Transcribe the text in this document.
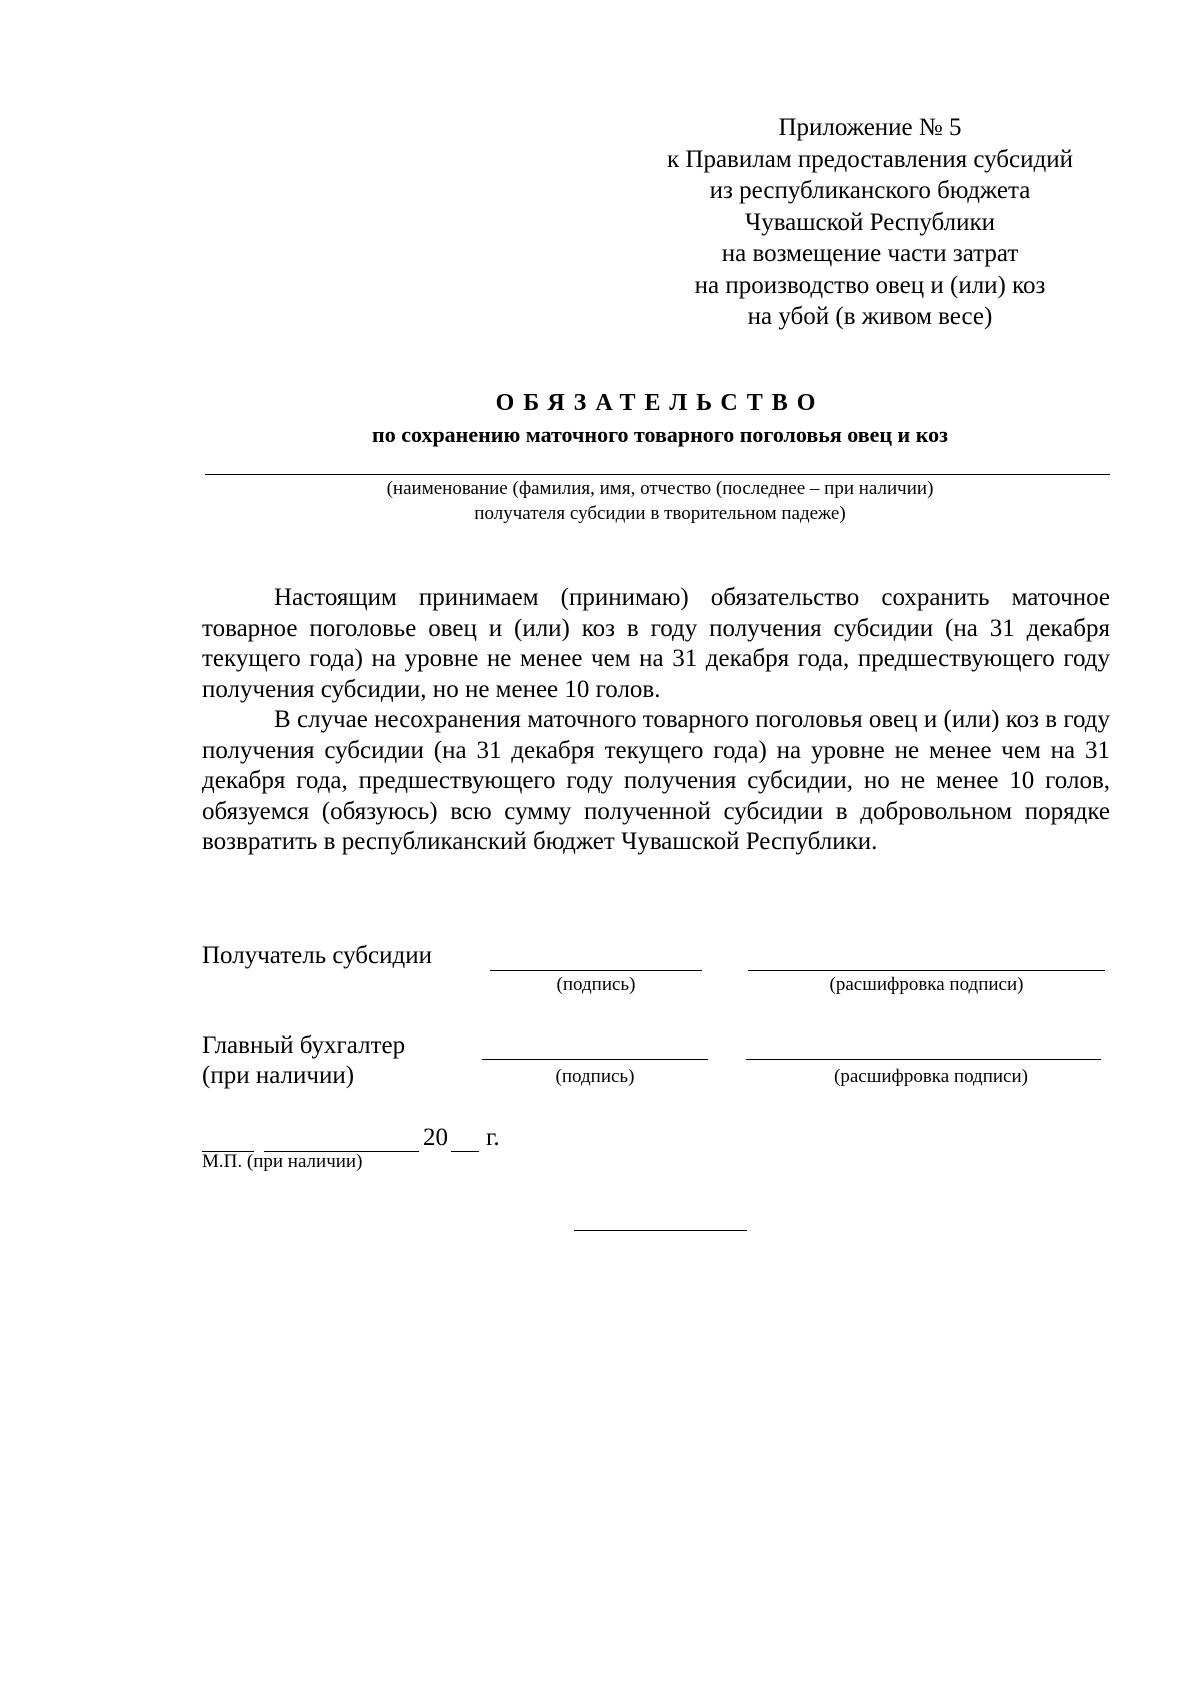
Приложение № 5
к Правилам предоставления субсидий
из республиканского бюджета
Чувашской Республики
на возмещение части затрат
на производство овец и (или) коз
на убой (в живом весе)
ОБЯЗАТЕЛЬСТВО
по сохранению маточного товарного поголовья овец и коз
(наименование (фамилия, имя, отчество (последнее – при наличии)
получателя субсидии в творительном падеже)

Настоящим принимаем (принимаю) обязательство сохранить маточное товарное поголовье овец и (или) коз в году получения субсидии (на 31 декабря текущего года) на уровне не менее чем на 31 декабря года, предшествующего году получения субсидии, но не менее 10 голов.

В случае несохранения маточного товарного поголовья овец и (или) коз в году получения субсидии (на 31 декабря текущего года) на уровне не менее чем на 31 декабря года, предшествующего году получения субсидии, но не менее 10 голов, обязуемся (обязуюсь) всю сумму полученной субсидии в добровольном порядке возвратить в республиканский бюджет Чувашской Республики.

Получатель субсидии
(подпись)	(расшифровка подписи)
Главный бухгалтер
(при наличии)	(подпись)	(расшифровка подписи)
20 г.
М.П. (при наличии)
